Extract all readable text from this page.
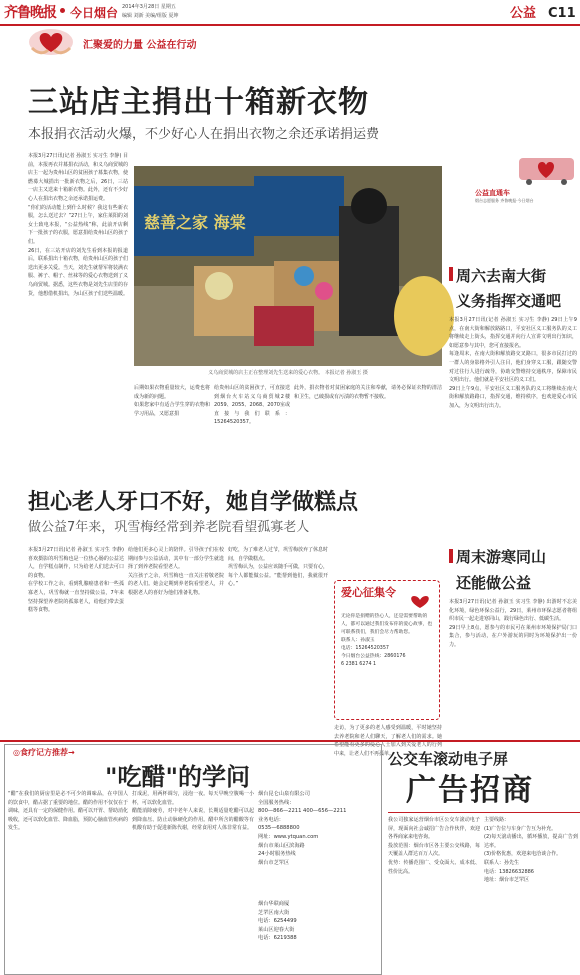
齐鲁晚报 今日烟台 2014年3月28日 星期五
编辑 刘新 美编/组版 夏坤	公益 C11
汇聚爱的力量 公益在行动
三站店主捐出十箱新衣物
本报捐衣活动火爆，不少好心人在捐出衣物之余还承诺捐运费
本报3月27日讯(记者 孙淑玉 实习生 李静) 目前，本报再衣并募捐衣活动，和义乌商贸城的店主一起为贵州山区的贫困孩子募集衣物，使燃募大城捐出一批新衣物之后，26日，三站一店主又送来十箱新衣物。此外，还有不少好心人在捐出衣物之余还承诺捐运费。
“你们的活动能上到什么时候？我这有些新衣服，怎么送过去？”27日上午，家住莱阳的刘女士致电本报，“公益热线”称，此前开店剩下一批孩子的衣服，愿意捐给贵州山区的孩子们。
26日，在三站开店的刘先生看到本报的报道后，联系捐出十箱衣物，给贵州山区的孩子们送出更多关爱。当天，刘先生就帮军将装满衣服、裤子、帽子、丝袜等的爱心衣物送到了义乌商贸城。据悉，这些衣物是刘先生店里的存货，他想借机捐出，为山区孩子们送些温暖。
慈善之家 海棠
义乌商贸城的店主正在整理刘先生送来的爱心衣物。 本报记者 孙淑玉 摄
后期如果衣物重量较大，运费也将成为新的问题。
如果您家中有适合学生穿的衣物和学习用品，又愿意捐
给贵州山区的贫困孩子，可直接送到烟台火车站义乌商贸城2楼2059、2055、2068、2070室或直接与我们联系：15264520357。
此外，捐衣物者对贫困家庭的关注和奉献，请务必保证衣物的清洁和卫生，已破损或有污渍的衣物暂不接收。
公益直通车
烟台志愿服务 齐鲁晚报·今日烟台
周六去南大街
义务指挥交通吧
本报3月27日讯(记者 孙淑玉 实习生 李静) 29日上午9点，在南大街和解放路路口，平安社区义工服务队的义工将继续走上街头，指挥交通并向行人宣讲文明出行知识，如愿意参与其中，您可直接报名。
每逢周末，在南大街和解放路交叉路口，很多市民打过的一群人的身影格外引人注目，他们身穿义工服，跟随交警对过往行人进行疏导，协助交警维持交通秩序，保障市民文明出行。他们就是平安社区的义工们。
29日上午9点，平安社区义工服务队的义工将继续在南大街和解放路路口，指挥交通，维持秩序，也欢迎爱心市民加入，为文明出行出力。
周末游寒同山
还能做公益
本报3月27日讯(记者 孙淑玉 实习生 李静) 出游时不忘美化环境，绿色环保公益行，29日，莱州市环保志愿者将组织市民一起走进寒同山，践行绿色出行、低碳生活。
29日早上8点，愿参与的市民可在莱州市环境保护局门口集合，参与活动，在户外游玩的同时为环境保护出一份力。
担心老人牙口不好，她自学做糕点
做公益7年来，巩雪梅经常到养老院看望孤寡老人
本报3月27日讯(记者 孙淑玉 实习生 李静) 喜欢摄影的巩雪梅也是一位热心肠的公益达人，自学糕点制作，只为给老人们送去可口的食物。
在学校工作之余，看到乳腺癌患者和一些孤寡老人，巩雪梅就一直坚持做公益，7年来坚持探望养老院的孤寡老人，给他们带去蛋糕等食物。
给他们更多心灵上的陪伴。引导孩子们在校期间参与公益活动，其中有一部分学生就选择了到养老院看望老人。
关注孩子之余，巩雪梅也一直关注着敬老院的老人们。她会定期到养老院看望老人，并根据老人的喜好为他们准备礼物。
好吃，为了难老人过节，巩雪梅放弃了休息时间，自学做糕点。
巩雪梅认为，公益应该随手可做，只要有心，每个人都能做公益。“能帮到他们，我就很开心。”
爱心征集令
无论你是捐赠的热心人，还是需要帮助的人，都可以通过我们发布你的爱心故事，也可联系我们，我们会尽力帮助您。
联系人：孙淑玉
电话：15264520357
今日烟台公益热线：2860176
6 2381 6274 1
走访，为了更多的老人感受到温暖，平时她坚持去养老院和老人们聊天，了解老人们的需求。她希望能有更多的爱心人士加入到关爱老人的行列中来，让老人们不再孤单。
◎食疗记方推荐→
"吃醋"的学问
“醋”在我们的厨房里是必不可少的调味品，在中国人的饮食中，醋占据了重要的地位。醋的作用不仅仅在于调味，还具有一定的保健作用。醋可以开胃、帮助消化吸收，还可以软化血管、降血脂，预防心脑血管疾病的发生。
打成泥，用两杯调匀，浸泡一夜。每天早晚空腹喝一小杯，可以软化血管。
醋能消除疲劳，对中老年人来说，长期适量吃醋可以起到降血压、防止动脉硬化的作用。醋中所含的醋酸等有机酸有助于促进新陈代谢，经常食用对人体非常有益。
烟台昆仑山泉有限公司
全国服务热线：
800—866—2211 400—656—2211
业务电话：
0535—6888800
网址：www.ytquan.com
烟台市莱山区滨海路
24小时服务热线
烟台市芝罘区
烟台华联商厦
芝罘区南大街
电话：6254499
莱山区迎春大街
电话：6219388
公交车滚动电子屏
广告招商
我公司独家运营烟台市区公交车滚动电子屏，现面向社会诚招广告合作伙伴，欢迎各界商家来电咨询。
投放范围：烟台市区各主要公交线路，每天覆盖人群达百万人次。
优势：传播范围广、受众面大、成本低、性价比高。
主要线路：
(1)广告位与车身广告互为补充。
(2)每天滚动播出，循环播放，提高广告到达率。
(3)价格优惠，欢迎来电洽谈合作。
联系人：孙先生
电话：13826632886
地址：烟台市芝罘区
